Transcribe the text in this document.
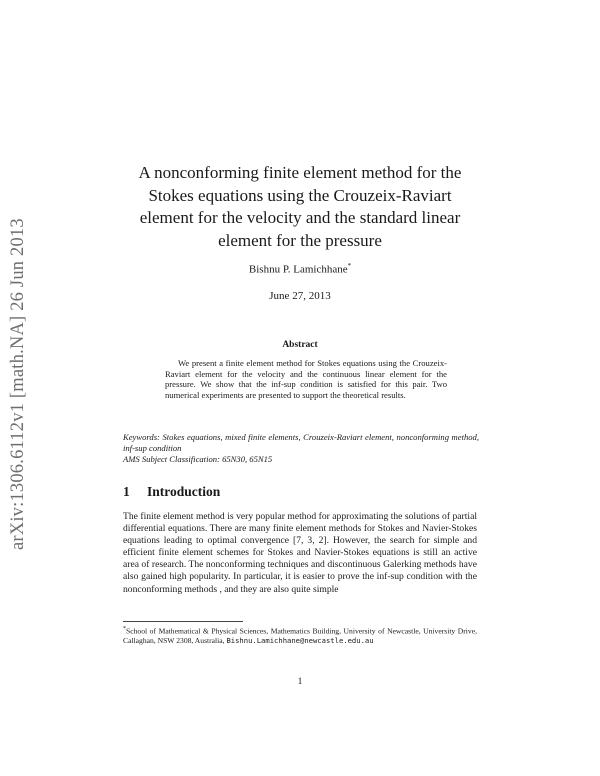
arXiv:1306.6112v1 [math.NA] 26 Jun 2013
A nonconforming finite element method for the Stokes equations using the Crouzeix-Raviart element for the velocity and the standard linear element for the pressure
Bishnu P. Lamichhane*
June 27, 2013
Abstract
We present a finite element method for Stokes equations using the Crouzeix-Raviart element for the velocity and the continuous linear element for the pressure. We show that the inf-sup condition is satisfied for this pair. Two numerical experiments are presented to support the theoretical results.
Keywords: Stokes equations, mixed finite elements, Crouzeix-Raviart element, nonconforming method, inf-sup condition
AMS Subject Classification: 65N30, 65N15
1 Introduction
The finite element method is very popular method for approximating the solutions of partial differential equations. There are many finite element methods for Stokes and Navier-Stokes equations leading to optimal convergence [7, 3, 2]. However, the search for simple and efficient finite element schemes for Stokes and Navier-Stokes equations is still an active area of research. The nonconforming techniques and discontinuous Galerking methods have also gained high popularity. In particular, it is easier to prove the inf-sup condition with the nonconforming methods , and they are also quite simple
*School of Mathematical & Physical Sciences, Mathematics Building, University of Newcastle, University Drive, Callaghan, NSW 2308, Australia, Bishnu.Lamichhane@newcastle.edu.au
1
